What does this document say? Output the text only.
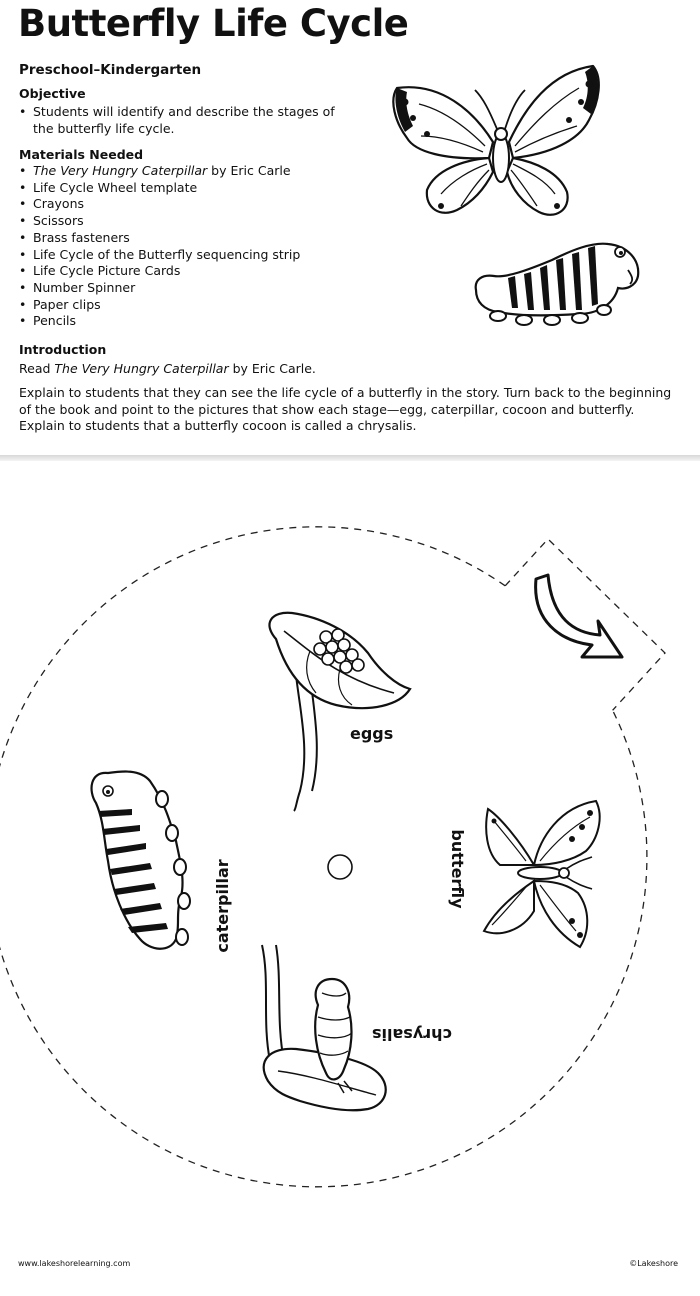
Butterfly Life Cycle
Preschool–Kindergarten
Objective
• Students will identify and describe the stages of the butterfly life cycle.
Materials Needed
• The Very Hungry Caterpillar by Eric Carle
• Life Cycle Wheel template
• Crayons
• Scissors
• Brass fasteners
• Life Cycle of the Butterfly sequencing strip
• Life Cycle Picture Cards
• Number Spinner
• Paper clips
• Pencils
Introduction
Read The Very Hungry Caterpillar by Eric Carle.
Explain to students that they can see the life cycle of a butterfly in the story. Turn back to the beginning of the book and point to the pictures that show each stage—egg, caterpillar, cocoon and butterfly. Explain to students that a butterfly cocoon is called a chrysalis.
eggs
caterpillar	butterfly
chrysalis
www.lakeshorelearning.com	©Lakeshore
